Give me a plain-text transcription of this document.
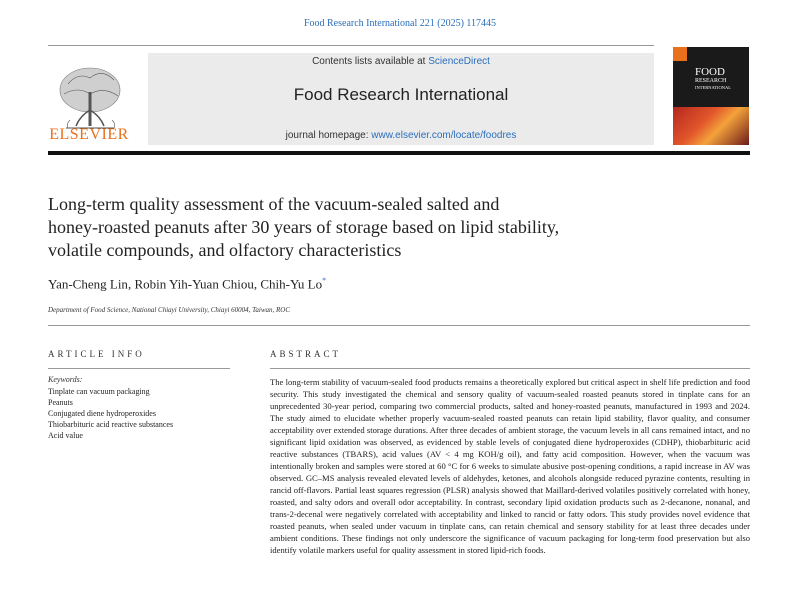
Food Research International 221 (2025) 117445
ELSEVIER
Contents lists available at ScienceDirect
Food Research International
journal homepage: www.elsevier.com/locate/foodres
FOOD
RESEARCH
INTERNATIONAL
Long-term quality assessment of the vacuum-sealed salted and
honey-roasted peanuts after 30 years of storage based on lipid stability,
volatile compounds, and olfactory characteristics
Yan-Cheng Lin, Robin Yih-Yuan Chiou, Chih-Yu Lo*
Department of Food Science, National Chiayi University, Chiayi 60004, Taiwan, ROC
ARTICLE INFO	ABSTRACT
Keywords:
Tinplate can vacuum packaging
Peanuts
Conjugated diene hydroperoxides
Thiobarbituric acid reactive substances
Acid value

The long-term stability of vacuum-sealed food products remains a theoretically explored but critical aspect in shelf life prediction and food security. This study investigated the chemical and sensory quality of vacuum-sealed roasted peanuts stored in tinplate cans for an unprecedented 30-year period, comparing two commercial products, salted and honey-roasted peanuts, manufactured in 1993 and 2024. The study aimed to elucidate whether properly vacuum-sealed roasted peanuts can retain lipid stability, flavor quality, and consumer acceptability over extended storage durations. After three decades of ambient storage, the vacuum levels in all cans remained intact, and no significant lipid oxidation was observed, as evidenced by stable levels of conjugated diene hydroperoxides (CDHP), thiobarbituric acid reactive substances (TBARS), acid values (AV < 4 mg KOH/g oil), and fatty acid composition. However, when the vacuum was intentionally broken and samples were stored at 60 °C for 6 weeks to simulate abusive post-opening conditions, a rapid increase in AV was observed. GC–MS analysis revealed elevated levels of aldehydes, ketones, and alcohols alongside reduced pyrazine contents, resulting in rancid off-flavors. Partial least squares regression (PLSR) analysis showed that Maillard-derived volatiles positively correlated with honey, roasted, and salty odors and overall odor acceptability. In contrast, secondary lipid oxidation products such as 2-decanone, nonanal, and trans-2-decenal were negatively correlated with acceptability and linked to rancid or fatty odors. This study provides novel evidence that roasted peanuts, when sealed under vacuum in tinplate cans, can retain chemical and sensory stability for at least three decades under ambient conditions. These findings not only underscore the significance of vacuum packaging for long-term food preservation but also identify volatile markers useful for quality assessment in stored lipid-rich foods.
